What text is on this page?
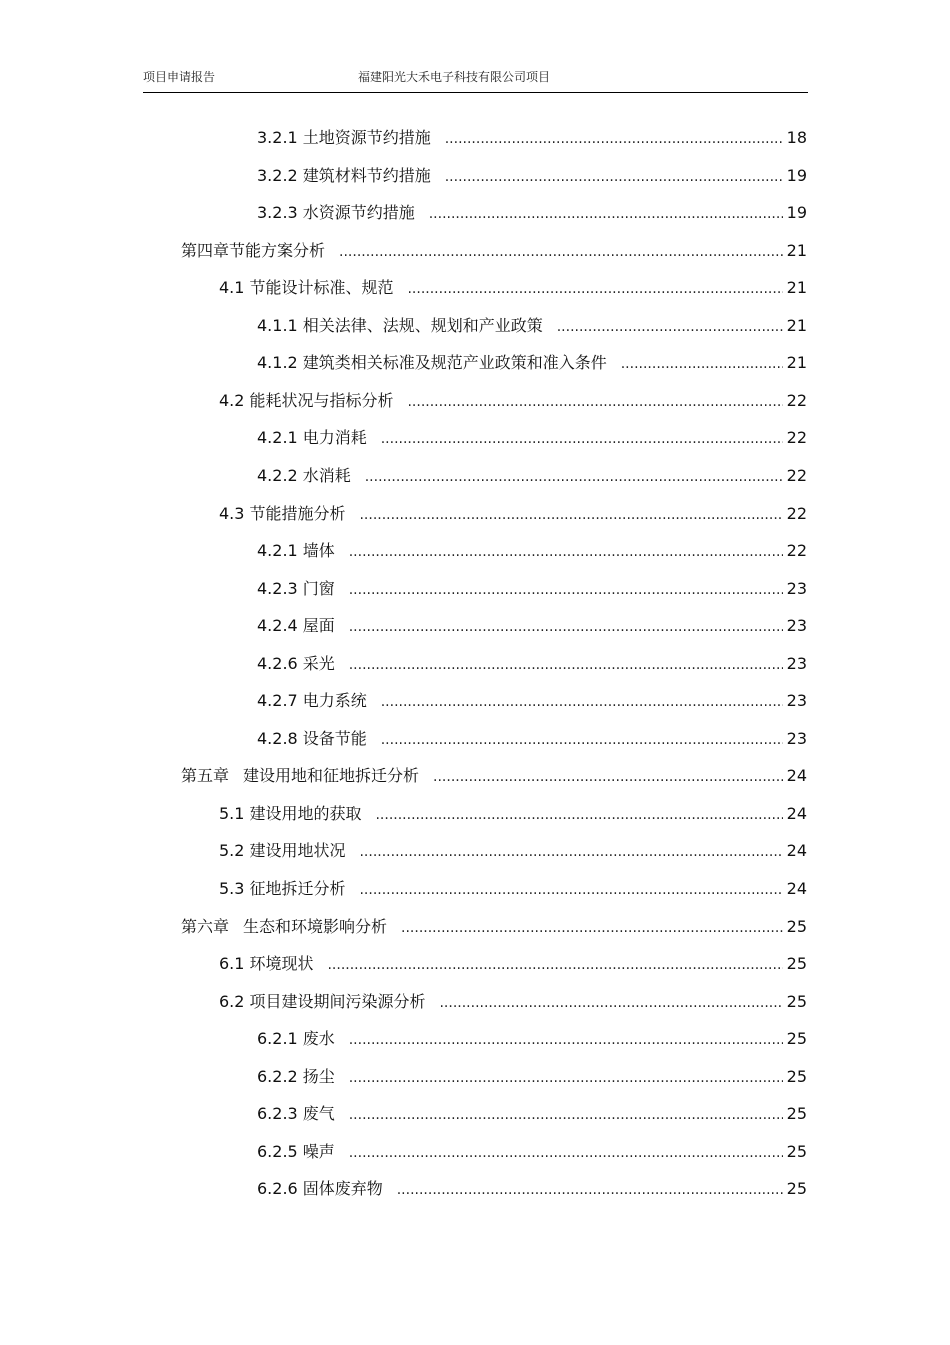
项目申请报告	福建阳光大禾电子科技有限公司项目
3.2.1 土地资源节约措施 .....	18
3.2.2 建筑材料节约措施 .....	19
3.2.3 水资源节约措施 .....	19
第四章节能方案分析 .....	21
4.1 节能设计标准、规范 .....	21
4.1.1 相关法律、法规、规划和产业政策 .....	21
4.1.2 建筑类相关标准及规范产业政策和准入条件 .....	21
4.2 能耗状况与指标分析 .....	22
4.2.1 电力消耗 .....	22
4.2.2 水消耗 .....	22
4.3 节能措施分析 .....	22
4.2.1 墙体 .....	22
4.2.3 门窗 .....	23
4.2.4 屋面 .....	23
4.2.6 采光 .....	23
4.2.7 电力系统 .....	23
4.2.8 设备节能 .....	23
第五章 建设用地和征地拆迁分析 .....	24
5.1 建设用地的获取 .....	24
5.2 建设用地状况 .....	24
5.3 征地拆迁分析 .....	24
第六章 生态和环境影响分析 .....	25
6.1 环境现状 .....	25
6.2 项目建设期间污染源分析 .....	25
6.2.1 废水 .....	25
6.2.2 扬尘 .....	25
6.2.3 废气 .....	25
6.2.5 噪声 .....	25
6.2.6 固体废弃物 .....	25
